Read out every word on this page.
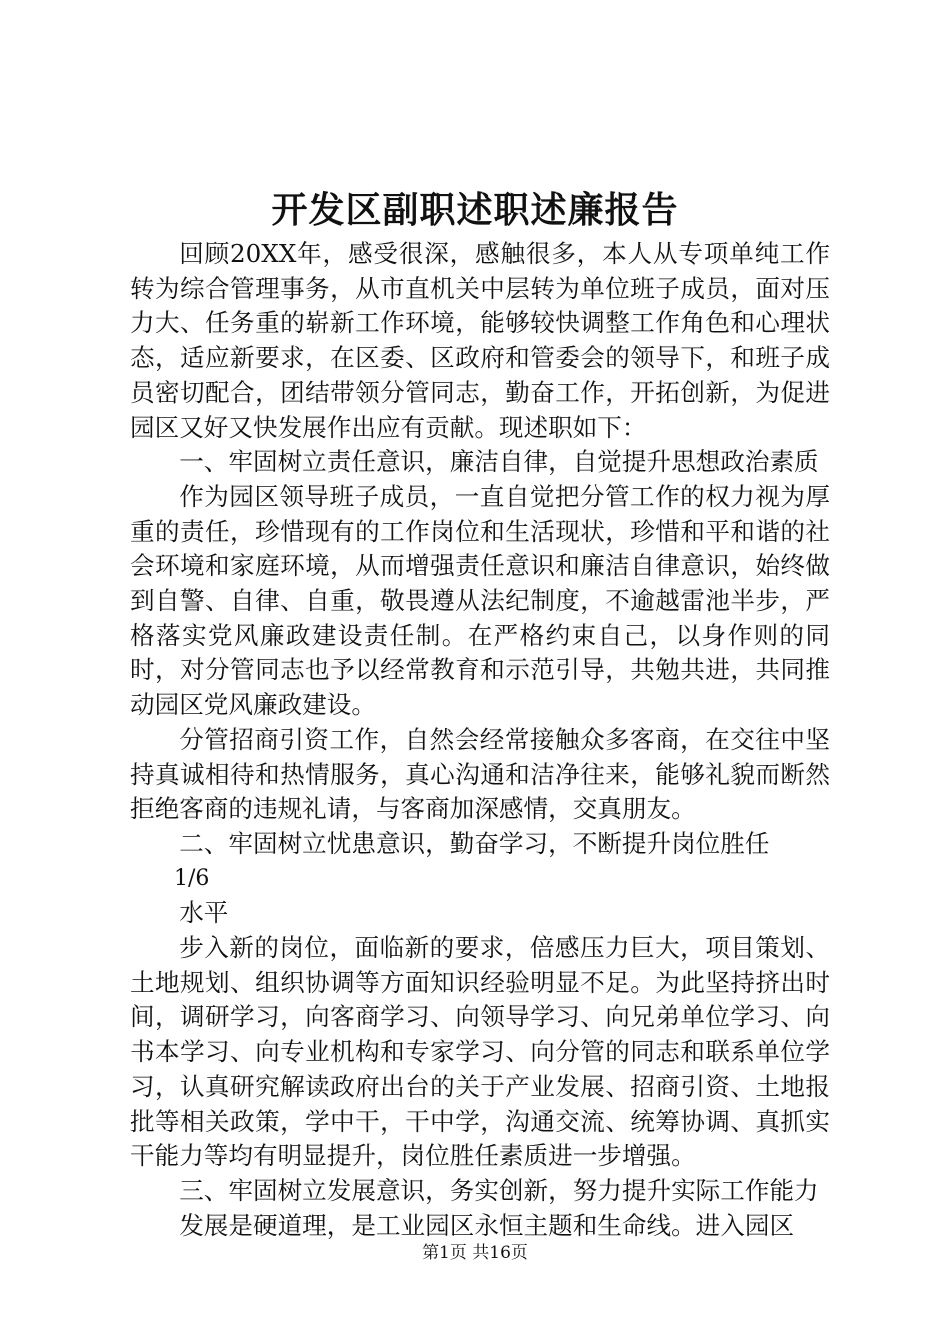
开发区副职述职述廉报告

回顾20XX年，感受很深，感触很多，本人从专项单纯工作转为综合管理事务，从市直机关中层转为单位班子成员，面对压力大、任务重的崭新工作环境，能够较快调整工作角色和心理状态，适应新要求，在区委、区政府和管委会的领导下，和班子成员密切配合，团结带领分管同志，勤奋工作，开拓创新，为促进园区又好又快发展作出应有贡献。现述职如下：

一、牢固树立责任意识，廉洁自律，自觉提升思想政治素质

作为园区领导班子成员，一直自觉把分管工作的权力视为厚重的责任，珍惜现有的工作岗位和生活现状，珍惜和平和谐的社会环境和家庭环境，从而增强责任意识和廉洁自律意识，始终做到自警、自律、自重，敬畏遵从法纪制度，不逾越雷池半步，严格落实党风廉政建设责任制。在严格约束自己，以身作则的同时，对分管同志也予以经常教育和示范引导，共勉共进，共同推动园区党风廉政建设。

分管招商引资工作，自然会经常接触众多客商，在交往中坚持真诚相待和热情服务，真心沟通和洁净往来，能够礼貌而断然拒绝客商的违规礼请，与客商加深感情，交真朋友。

二、牢固树立忧患意识，勤奋学习，不断提升岗位胜任

1/6

水平

步入新的岗位，面临新的要求，倍感压力巨大，项目策划、土地规划、组织协调等方面知识经验明显不足。为此坚持挤出时间，调研学习，向客商学习、向领导学习、向兄弟单位学习、向书本学习、向专业机构和专家学习、向分管的同志和联系单位学习，认真研究解读政府出台的关于产业发展、招商引资、土地报批等相关政策，学中干，干中学，沟通交流、统筹协调、真抓实干能力等均有明显提升，岗位胜任素质进一步增强。

三、牢固树立发展意识，务实创新，努力提升实际工作能力

发展是硬道理，是工业园区永恒主题和生命线。进入园区

第1页 共16页
